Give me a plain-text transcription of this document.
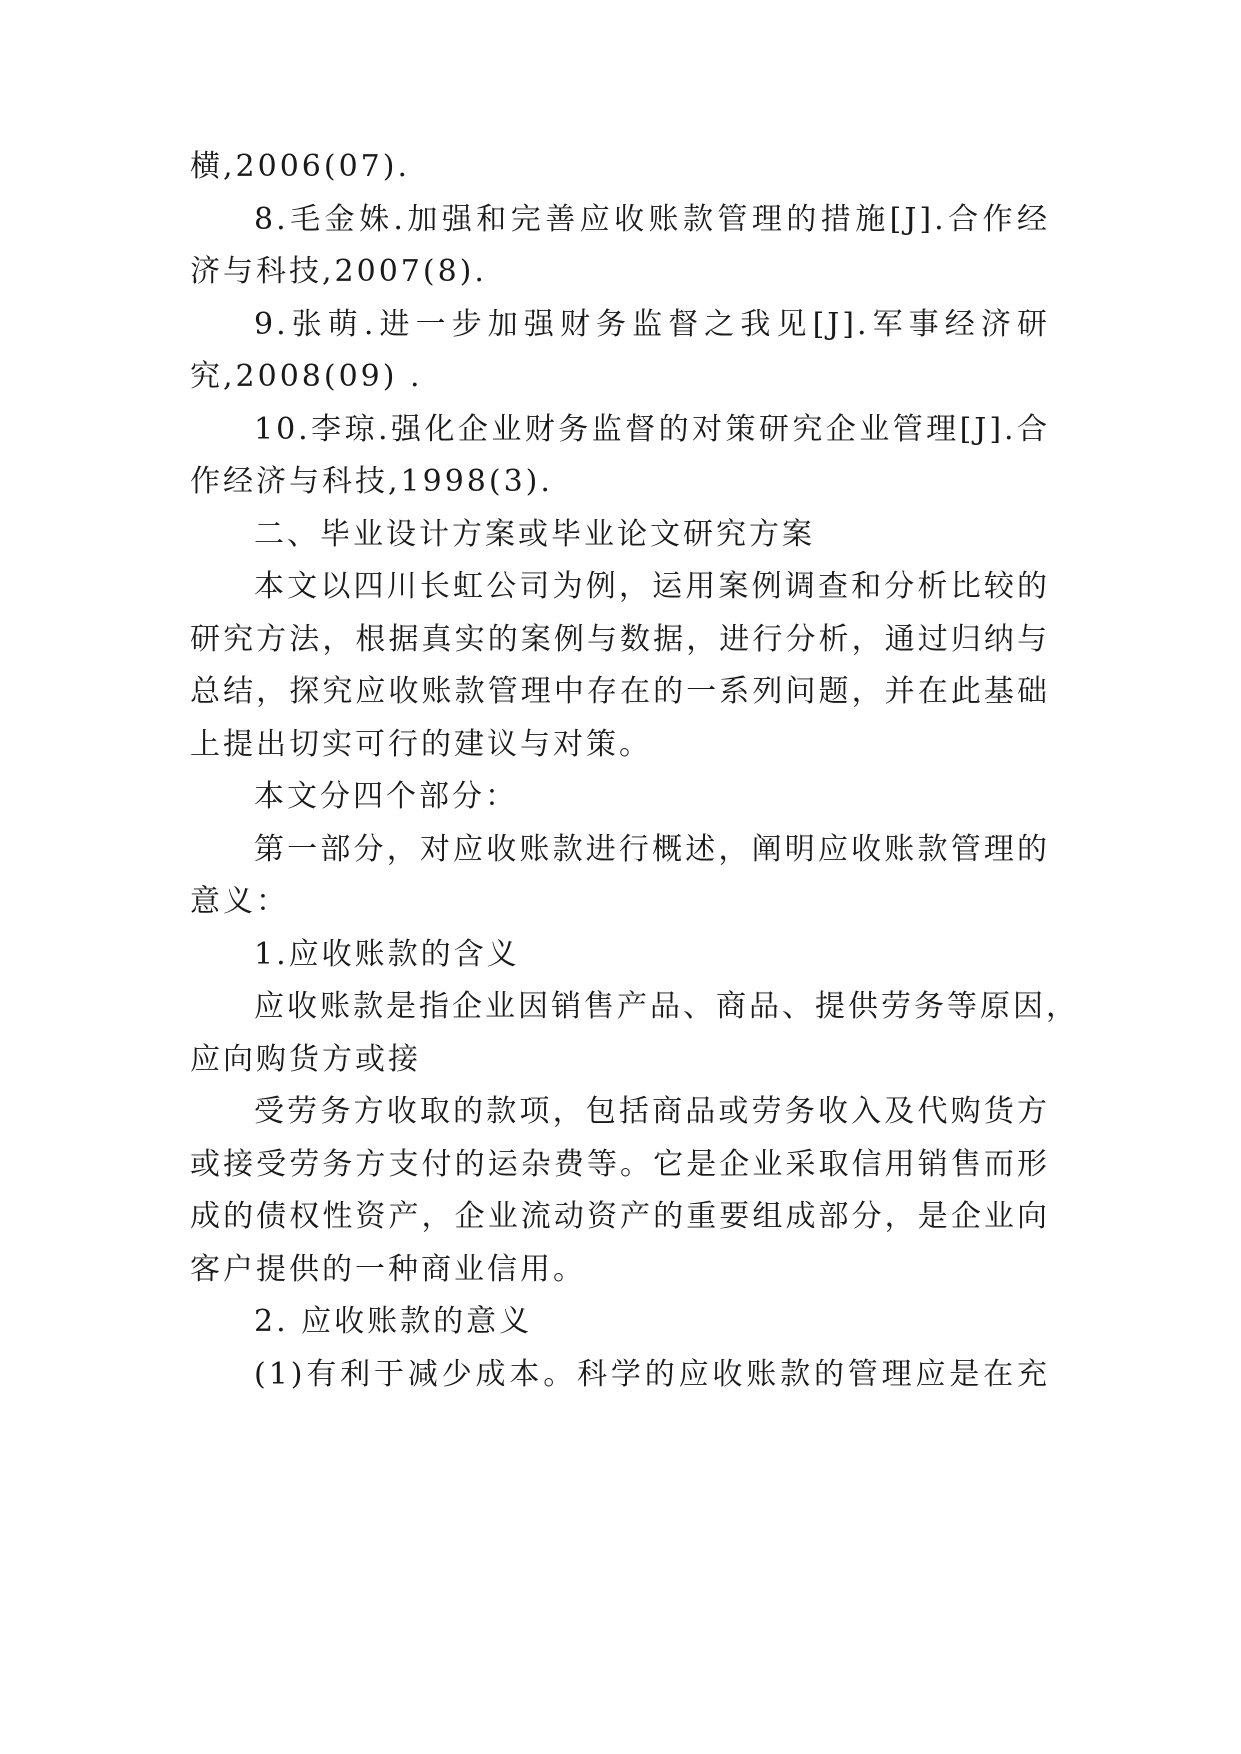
横,2006(07).
8.毛金姝.加强和完善应收账款管理的措施[J].合作经
济与科技,2007(8).
9.张萌.进一步加强财务监督之我见[J].军事经济研
究,2008(09) .
10.李琼.强化企业财务监督的对策研究企业管理[J].合
作经济与科技,1998(3).
二、毕业设计方案或毕业论文研究方案
本文以四川长虹公司为例，运用案例调查和分析比较的
研究方法，根据真实的案例与数据，进行分析，通过归纳与
总结，探究应收账款管理中存在的一系列问题，并在此基础
上提出切实可行的建议与对策。
本文分四个部分：
第一部分，对应收账款进行概述，阐明应收账款管理的
意义：
1.应收账款的含义
应收账款是指企业因销售产品、商品、提供劳务等原因，
应向购货方或接
受劳务方收取的款项，包括商品或劳务收入及代购货方
或接受劳务方支付的运杂费等。它是企业采取信用销售而形
成的债权性资产，企业流动资产的重要组成部分，是企业向
客户提供的一种商业信用。
2. 应收账款的意义
(1)有利于减少成本。科学的应收账款的管理应是在充
